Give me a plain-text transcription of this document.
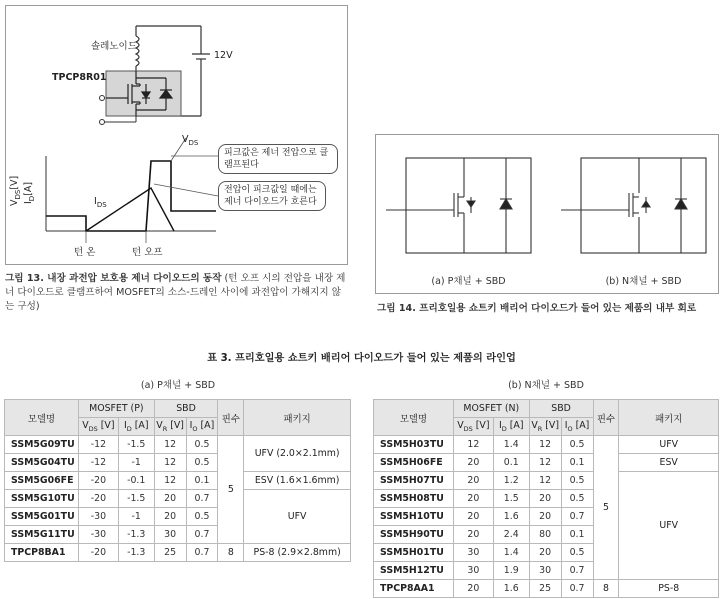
솔레노이드
TPCP8R01
12V
$V_{DS}$
$I_{DS}$
$V_{DS}[V]$
$I_D[A]$
피크값은 제너 전압으로 클램프된다
전압이 피크값일 때에는 제너 다이오드가 흐른다
턴 온	턴 오프
그림 13. 내장 과전압 보호용 제너 다이오드의 동작 (턴 오프 시의 전압을 내장 제너 다이오드로 클램프하여 MOSFET의 소스-드레인 사이에 과전압이 가해지지 않는 구성)
(a) P채널 + SBD	(b) N채널 + SBD
그림 14. 프리호일용 쇼트키 배리어 다이오드가 들어 있는 제품의 내부 회로
표 3. 프리호일용 쇼트키 배리어 다이오드가 들어 있는 제품의 라인업
(a) P채널 + SBD	(b) N채널 + SBD
모델명	MOSFET (P)		SBD		핀수	패키지
	$V_{DS}$ [V]	$I_D$ [A]	$V_R$ [V]	$I_O$ [A]		
SSM5G09TU	-12	-1.5	12	0.5	5	UFV (2.0×2.1mm)
SSM5G04TU	-12	-1	12	0.5		
SSM5G06FE	-20	-0.1	12	0.1		ESV (1.6×1.6mm)
SSM5G10TU	-20	-1.5	20	0.7		UFV
SSM5G01TU	-30	-1	20	0.5		
SSM5G11TU	-30	-1.3	30	0.7		
TPCP8BA1	-20	-1.3	25	0.7	8	PS-8 (2.9×2.8mm)
모델명	MOSFET (N)		SBD		핀수	패키지
	$V_{DS}$ [V]	$I_D$ [A]	$V_R$ [V]	$I_O$ [A]		
SSM5H03TU	12	1.4	12	0.5	5	UFV
SSM5H06FE	20	0.1	12	0.1		ESV
SSM5H07TU	20	1.2	12	0.5		UFV
SSM5H08TU	20	1.5	20	0.5		
SSM5H10TU	20	1.6	20	0.7		
SSM5H90TU	20	2.4	80	0.1		
SSM5H01TU	30	1.4	20	0.5		
SSM5H12TU	30	1.9	30	0.7		
TPCP8AA1	20	1.6	25	0.7	8	PS-8
